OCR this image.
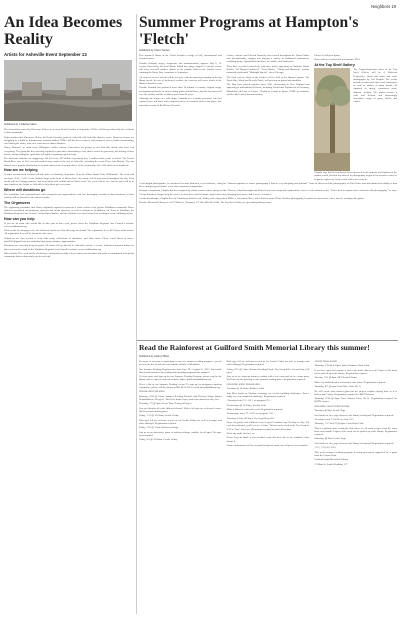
Neighbors 19
An Idea Becomes Reality
Artists for Asheville Event September 13
Submitted by Catherine Shees

The devastation caused by Hurricane Helene in western North Carolina in September 2024 is still being endured by the residents of that community.

Eight months after Hurricane Helene hit North Carolina, parts of Asheville still look like disaster zones. Business owners are struggling to rebuild as infrastructure remains stalled, FEMA aid has been reduced, and proposed cuts to public broadcasting, vital during the storm, raise new concerns for future disasters.

Nancy Bimmell, an artist from Willington, rallied eastern Connecticut art groups to aid Asheville artists who have lost everything. The group has been meeting regularly to plan this extraordinary event, that is rooted in generosity, the sharing of their talents, and providing the spark that will ignite community spirit to help.

The hurricane statistics are staggering: 104 lives lost, $53 billion in property loss, 3 million cubic yards of debris. The French Broad River rose to 24.5 feet and washed away much of the city of Asheville, including the iconic River Arts District. The arts district was a popular destination for tourists and was an economic driver of the community. Over 300 artists were displaced.

How are we helping

A major art and music festival will take place on Saturday, September 13 in the Jillson Square Park, Willimantic. The event will run from 11:00 – 5:00. As the Shaboo Stage is the heart of Jillson Park, live music will be performed throughout the day. Food trucks will feed hungry patrons, and local artists will exhibit and sell their work. The event will be free, but the goal will be to raise funds for the Artists of Asheville to help them get a new start.

Where will donations go

The committee has communicated with non-profit arts organizations, and has thoroughly considered that donations in their entirety will be directed to the affected artists.

The Organizers

The organizing committee that Nancy originally organized represents a cross section of the greater Windham community. Bruce John has assembled entertainment, sponsors and media sponsors, as well as volunteers. In addition, the Town of Windham, the Windham Regional Arts Council, Artists Open Studios, and the Ashford Area Arts Council are working to send exhibiting artists.

How can you help

If you are an artist who would like to take part in this event, please check the Windham Regional Arts Council's website: www.windhamarts.org

Click on the Events page to see the dedicated Artists for Asheville page for details. The registration fee is $55.00 per artist station. All registration fees will be donated to the cause.

Volunteers are also needed to help with setup, collections of donations, and other tasks. Please email Bruce at bruce-john2051@gmail.com for individual and group volunteer opportunities.

Donations are currently being accepted. All funds will go directly to Asheville's artists. A secure, dedicated donation button for this event can be found on the Windham Regional Arts Council's website: www.windhamarts.org

Other details: The event will be alcohol-free and family friendly. Please mark your calendars and make a commitment to help this community that so desperately needs our help!

Summer Programs at Hampton's 'Fletch'
Submitted by Janice Trecker

This summer's Music at the Fletch includes a range of folk, international and classical music.

Claudia Schmidt, singer, songwriter and instrumentalist, appears July 6, 11. Avenue Dow-nieby, the local Rhode Island duo, plays August 15 and the season will close out with another edition of the popular Bach in the Garden series, featuring the Davis Duo, sometime in September.

All concerts are free and all will be at 6 p.m. with the musicians playing on the big library porch. In case of inclement weather, the concerts will move inside to the library's function room.

Claudia Schmidt has produced more than 16 albums of mostly original songs, accompanying herself on twelve-string guitar and dulcimer, and she has toured all over the country and the world for more than 45 years.

Although she began as a folk singer, Schmidt is a versatile performer who has explored jazz and blues and composed pieces for musical theater and plays. She currently records on Red House Records.

Aubrey Atwater and Elwood Donnelly have toured throughout the United States and internationally, singing and playing a variety of traditional instruments, including banjo, Appalachian dulcimer, tin whistle, and limberjack.

They have recorded extensively with their music appearing on National Public Radio's "All Things Considered," "From Ripley," "Hurdy and Shamrock," and the nationally syndicated "Midnight Special" out of Chicago.

The final concert, Bach in the Garden will be held in the library's garden. The Davis Duo, Mark and Beverly Davis, will perform on guitar and mandolin.

The Duo have played together since 2001, performing in New England and appearing in international festivals, including Gucheldorf Zapfstreich in Germany, Mandolines & Luné in France, Ciudad de Cristal in Spain, FAMF in Australia, and the 4th Festival Internacional de

Plectro La Rioja in Spain.

Done and tone of this final performance TBA.

At the Top Shelf Gallery

The August-September show at the Top Shelf Gallery will be A Different Perspective, black and white and color photographs by Jeff Chaplin. The works include wooded and other rural landscapes as well as studies of plant details, all captured in strong, sometimes semi-abstract, designs. The photos feature a wide and delicate and surprisingly descriptive range of grays, blacks and whites.

Chaplin says that he has always been interested in the patterns and rhythms of the natural world, but that his interest in photography began in his twenties when he began to explore the local woods with a new camera.

A self-taught photographer, he mentions Freeman Patterson, as an influence, citing his "abstract approach to nature photography I find so very intriguing and spiritual." Later he discovered the photography of Eliot Porter and and admired his ability to turn the seemingly typical nature scene into a dynamic composition.

Perhaps as important, Chaplin has been inspired by classic nature writers and poets like Thoreau, John Burroughs and Robert Frost who eloquently captured the essence of the natural world. "I have tried to capture these moments with photography," he says. "I hope that these images help the viewer to slow down and let nature inspire them also, bringing them peace and a sense of wonder."

A retired landscaper, Chaplin lives in Canterbury with his wife, Kathy, and a dog named Millie, a cat named Olive, and a chicken named Fluff. Besides photography, he paints in watercolors, hikes, travels, and plays the guitar.

Fletcher Memorial Library is at 257 Main St., Hampton, CT. Info 860-455-1086. The Top Shelf Gallery is open during library hours.

Read the Rainforest at Guilford Smith Memorial Library this summer!
Submitted by Aubrey Hines

Everyone is welcome to participate in our free summer reading program - you do not need to live in and can read outside outside of Windham!

Our Summer Reading Program runs from June 28 - August 15, 2025. Earn raffle tickets and incentives by reading and attending programs this summer!

To learn more and sign up for our Summer Reading Program, please stop by the library and see staff or visit our website: https://guilfordsmithlibrary.org.

Here's a list of our Summer Reading events. To sign up for programs requiring registration, please call the library at 860-423-5159 or email sbrrya@bibliary.org.

PROGRAMS FOR KIDS

Saturday, 6/28 @ 10am: Summer Reading Kickoff with Horizon Wings Raptor Rehabilitation (All ages) - Meet live birds of prey and learn about how they live.

Thursday, 7/3 @ 5pm: Peeps Taste Testing (all ages)

Can you identify all of the different flavors? Kids of all ages are welcome to taste-flat Peeps taste-testing party!

Friday, 7/11 @ 10:30am: Foodie Friday

Kids ages 2-6 are welcome to join us for Foodie Friday (as well as younger and older siblings)! Registration required.

Friday, 7/25 @ 11am: Rainforest Bingo

Join us for an interactive game of rainforest bingo, suitable for all ages! No sign-up is required.

Friday, 8/1 @ 10:30am: Foodie Friday

Kids ages 2-6 are welcome to join us for Foodie Friday (as well as younger and older siblings)! Registration required.

Friday, 8/15 @ 11am: Summer Reading Finale: Toy Swap & Ice Cream Party (All ages)

Join us as we wrap up summer reading with a toy swap and an ice cream party. We'll also do the drawing for the summer reading prizes. Registration required.

ONGOING KIDS' PROGRAMS:

Tuesdays @ 10:30am: Builder's Club

Join Miss Sarah on Tuesday mornings for weekly building challenges. Turn a fudge for each completed challenge! Registration required.

-Tuesdays from 7/1 - 8/12, no program 7/15

Wednesdays @ 10:30am: Weekly Craft

Make a different craft each week! Registration required.

Wednesdays from 7/2 - 8/13; no program 7/16

Tuesdays in July (all day): Toy Swap Drop Off

Drop off gently used children's toys in good condition any Tuesday in July. For each item donated, you'll receive 1 ticket. Tickets can be used at the Toy Swap on 8/15 to "buy" new toys. (Donations accepted at staff's discretion.

Visit: any audit, hid-nes, etc.

Please keep in mind: if you wouldn't want this item due to its condition, don't donate it.

Games and puzzles will be accepted but please make sure all pieces are included.

ADULT PROGRAMS

Thursday, 7/24 @ 6:30pm: Spicy Romance Book Club

If you love spicy hot romances, this is the book club for you! Copies of the book can be picked up at the library. Registration required.

Tuesday, 7/31 @ 6pm: DIY Beaded Plants

Make a beautiful beaded succulent to take home! Registration required.

Thursday, 8/7 @ 6pm: Paint Nite: Glass (Pt 1)

We will create faux stained glass but the project requires drying time so it is broken into 2 parts. Registration required for BOTH classes.

Thursday, 8/14 @ 6pm: Faux Stained Glass (Pt 2). Registration required for BOTH classes.

ONGOING ADULT PROGRAMS:

Tuesdays @ 9am: Gentle Yoga

Join Sarah for free yoga classes in the library's backyard! Registration required.

-Tuesdays from 7/1-8/26; no class 7/15

Thursday, 7/17 & 8/21 @ 6pm: Cook Book Club

This is a potluck style cookbook club where we all make recipes from the same book each month. Copies of the book can be picked up at the library. Registration required.

Saturdays @ 9am: Gentle Yoga

Join Sarah for free yoga classes in the library's backyard! Registration required.

-7/12, 7/19, 8/2, 8/16

This year's summer reading program is being generously supported by a grant from the Pequot Trust.

Guilford Smith Memorial Library

17 Main St, South Windham, CT
